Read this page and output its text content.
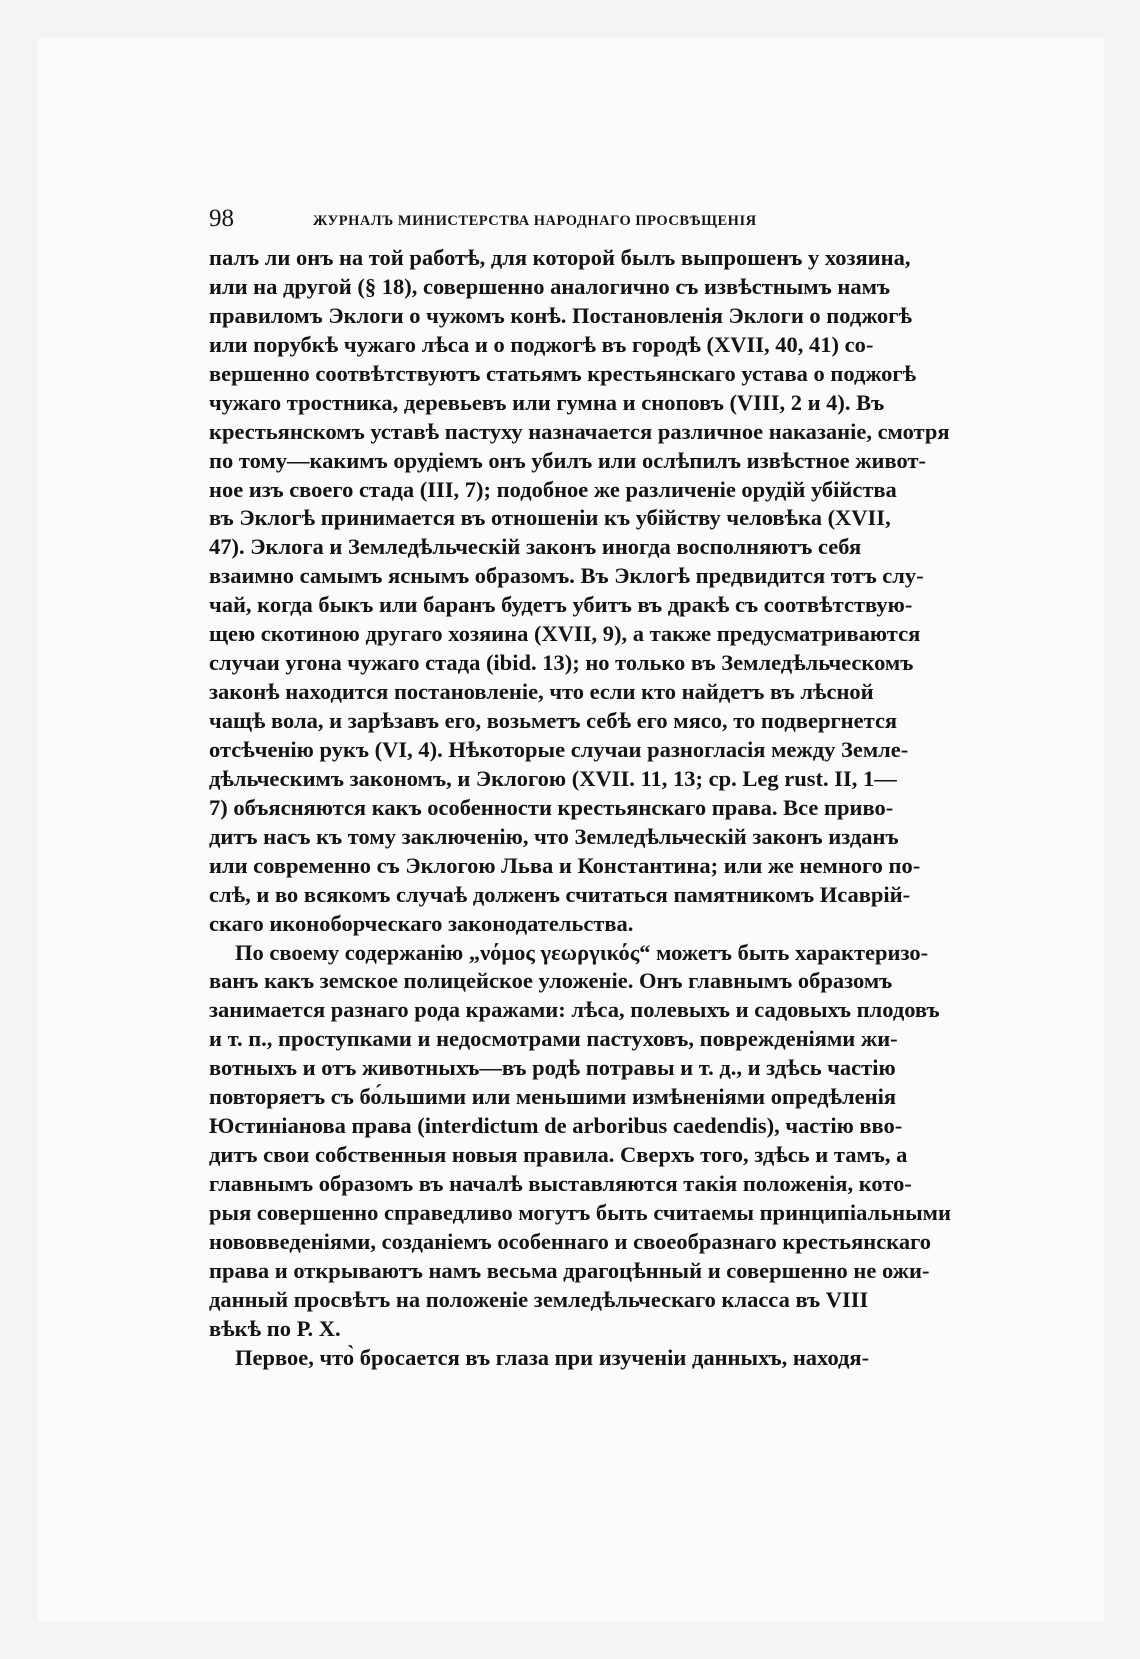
98	ЖУРНАЛЪ МИНИСТЕРСТВА НАРОДНАГО ПРОСВѢЩЕНІЯ
палъ ли онъ на той работѣ, для которой былъ выпрошенъ у хозяина,
или на другой (§ 18), совершенно аналогично съ извѣстнымъ намъ
правиломъ Эклоги о чужомъ конѣ. Постановленія Эклоги о поджогѣ
или порубкѣ чужаго лѣса и о поджогѣ въ городѣ (XVII, 40, 41) со-
вершенно соотвѣтствуютъ статьямъ крестьянскаго устава о поджогѣ
чужаго тростника, деревьевъ или гумна и сноповъ (VIII, 2 и 4). Въ
крестьянскомъ уставѣ пастуху назначается различное наказаніе, смотря
по тому—какимъ орудіемъ онъ убилъ или ослѣпилъ извѣстное живот-
ное изъ своего стада (III, 7); подобное же различеніе орудій убійства
въ Эклогѣ принимается въ отношеніи къ убійству человѣка (XVII,
47). Эклога и Земледѣльческій законъ иногда восполняютъ себя
взаимно самымъ яснымъ образомъ. Въ Эклогѣ предвидится тотъ слу-
чай, когда быкъ или баранъ будетъ убитъ въ дракѣ съ соотвѣтствую-
щею скотиною другаго хозяина (XVII, 9), а также предусматриваются
случаи угона чужаго стада (ibid. 13); но только въ Земледѣльческомъ
законѣ находится постановленіе, что если кто найдетъ въ лѣсной
чащѣ вола, и зарѣзавъ его, возьметъ себѣ его мясо, то подвергнется
отсѣченію рукъ (VI, 4). Нѣкоторые случаи разногласія между Земле-
дѣльческимъ закономъ, и Эклогою (XVII. 11, 13; ср. Leg rust. II, 1—
7) объясняются какъ особенности крестьянскаго права. Все приво-
дитъ насъ къ тому заключенію, что Земледѣльческій законъ изданъ
или современно съ Эклогою Льва и Константина; или же немного по-
слѣ, и во всякомъ случаѣ долженъ считаться памятникомъ Исаврій-
скаго иконоборческаго законодательства.
По своему содержанію „νόμος γεωργικός“ можетъ быть характеризо-
ванъ какъ земское полицейское уложеніе. Онъ главнымъ образомъ
занимается разнаго рода кражами: лѣса, полевыхъ и садовыхъ плодовъ
и т. п., проступками и недосмотрами пастуховъ, поврежденіями жи-
вотныхъ и отъ животныхъ—въ родѣ потравы и т. д., и здѣсь частію
повторяетъ съ бо́льшими или меньшими измѣненіями опредѣленія
Юстиніанова права (interdictum de arboribus caedendis), частію вво-
дитъ свои собственныя новыя правила. Сверхъ того, здѣсь и тамъ, а
главнымъ образомъ въ началѣ выставляются такія положенія, кото-
рыя совершенно справедливо могутъ быть считаемы принципіальными
нововведеніями, созданіемъ особеннаго и своеобразнаго крестьянскаго
права и открываютъ намъ весьма драгоцѣнный и совершенно не ожи-
данный просвѣтъ на положеніе земледѣльческаго класса въ VIII
вѣкѣ по Р. Х.
Первое, что̀ бросается въ глаза при изученіи данныхъ, находя-
